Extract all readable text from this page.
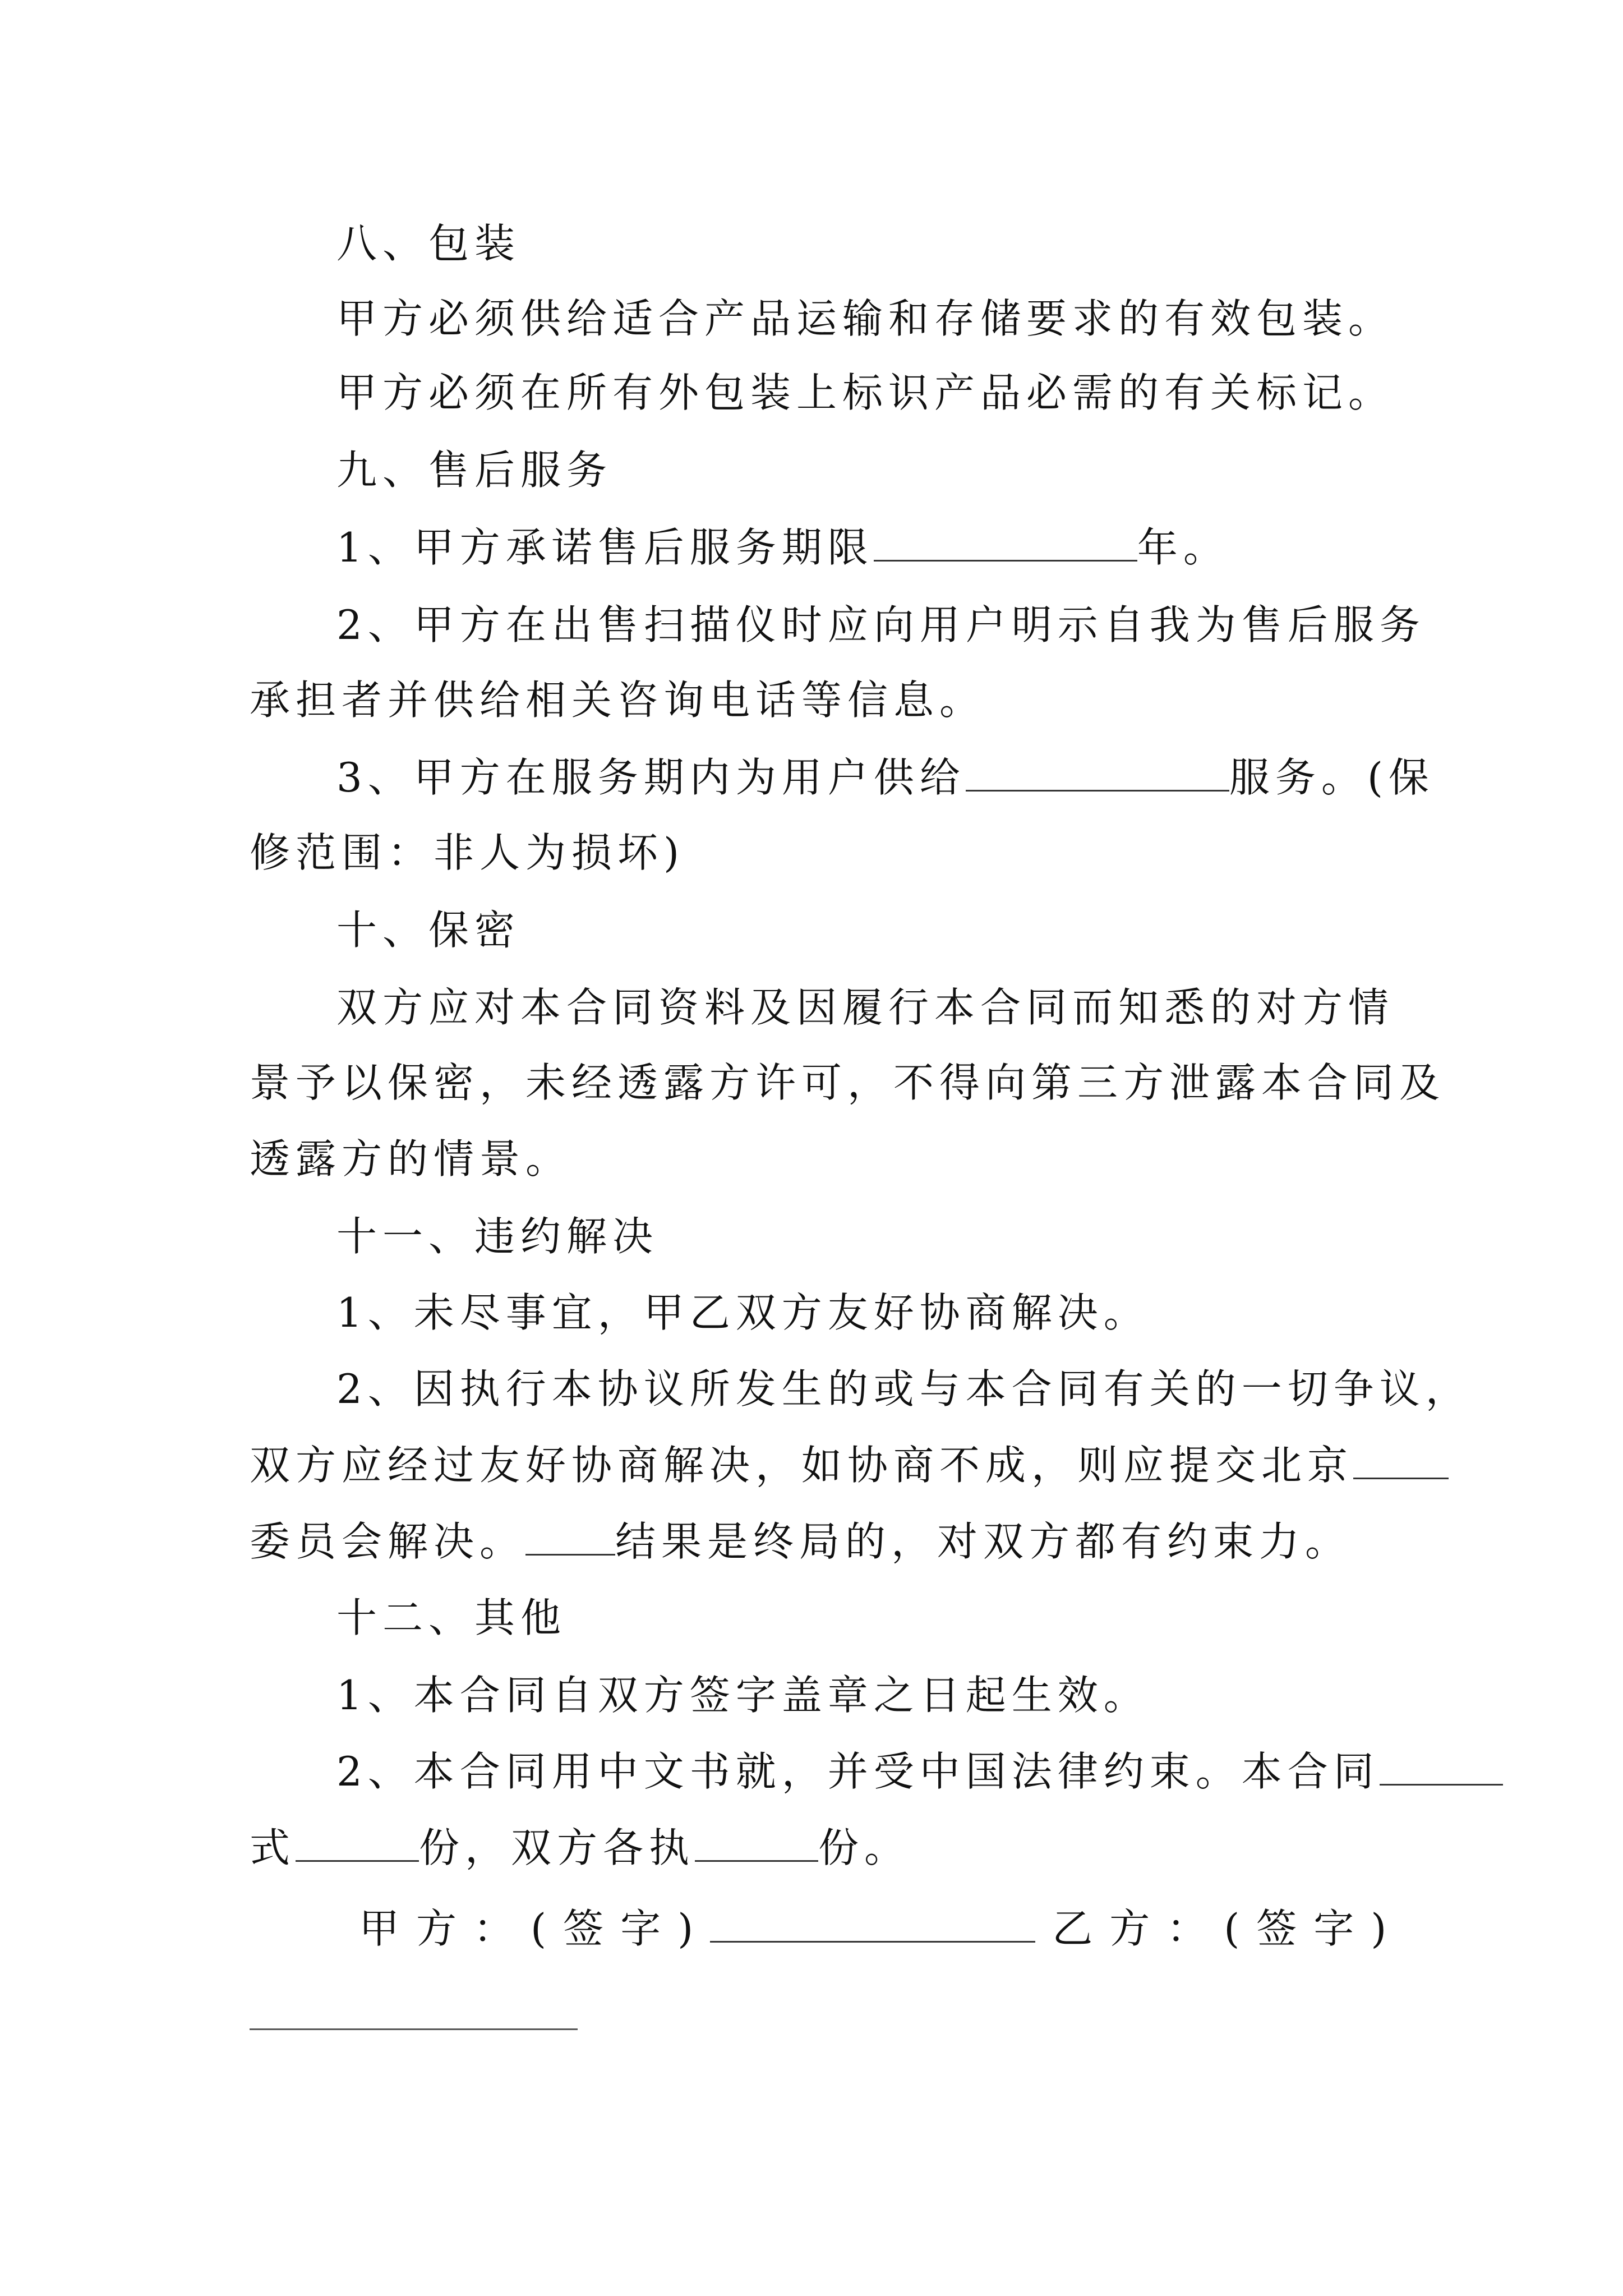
八、包装
甲方必须供给适合产品运输和存储要求的有效包装。
甲方必须在所有外包装上标识产品必需的有关标记。
九、售后服务
1、甲方承诺售后服务期限	年。
2、甲方在出售扫描仪时应向用户明示自我为售后服务
承担者并供给相关咨询电话等信息。
3、甲方在服务期内为用户供给	服务。(保
修范围：非人为损坏)
十、保密
双方应对本合同资料及因履行本合同而知悉的对方情
景予以保密，未经透露方许可，不得向第三方泄露本合同及
透露方的情景。
十一、违约解决
1、未尽事宜，甲乙双方友好协商解决。
2、因执行本协议所发生的或与本合同有关的一切争议，
双方应经过友好协商解决，如协商不成，则应提交北京
委员会解决。 结果是终局的，对双方都有约束力。
十二、其他
1、本合同自双方签字盖章之日起生效。
2、本合同用中文书就，并受中国法律约束。本合同
式	份，双方各执	份。
甲方：(签字)	乙方：(签字)
